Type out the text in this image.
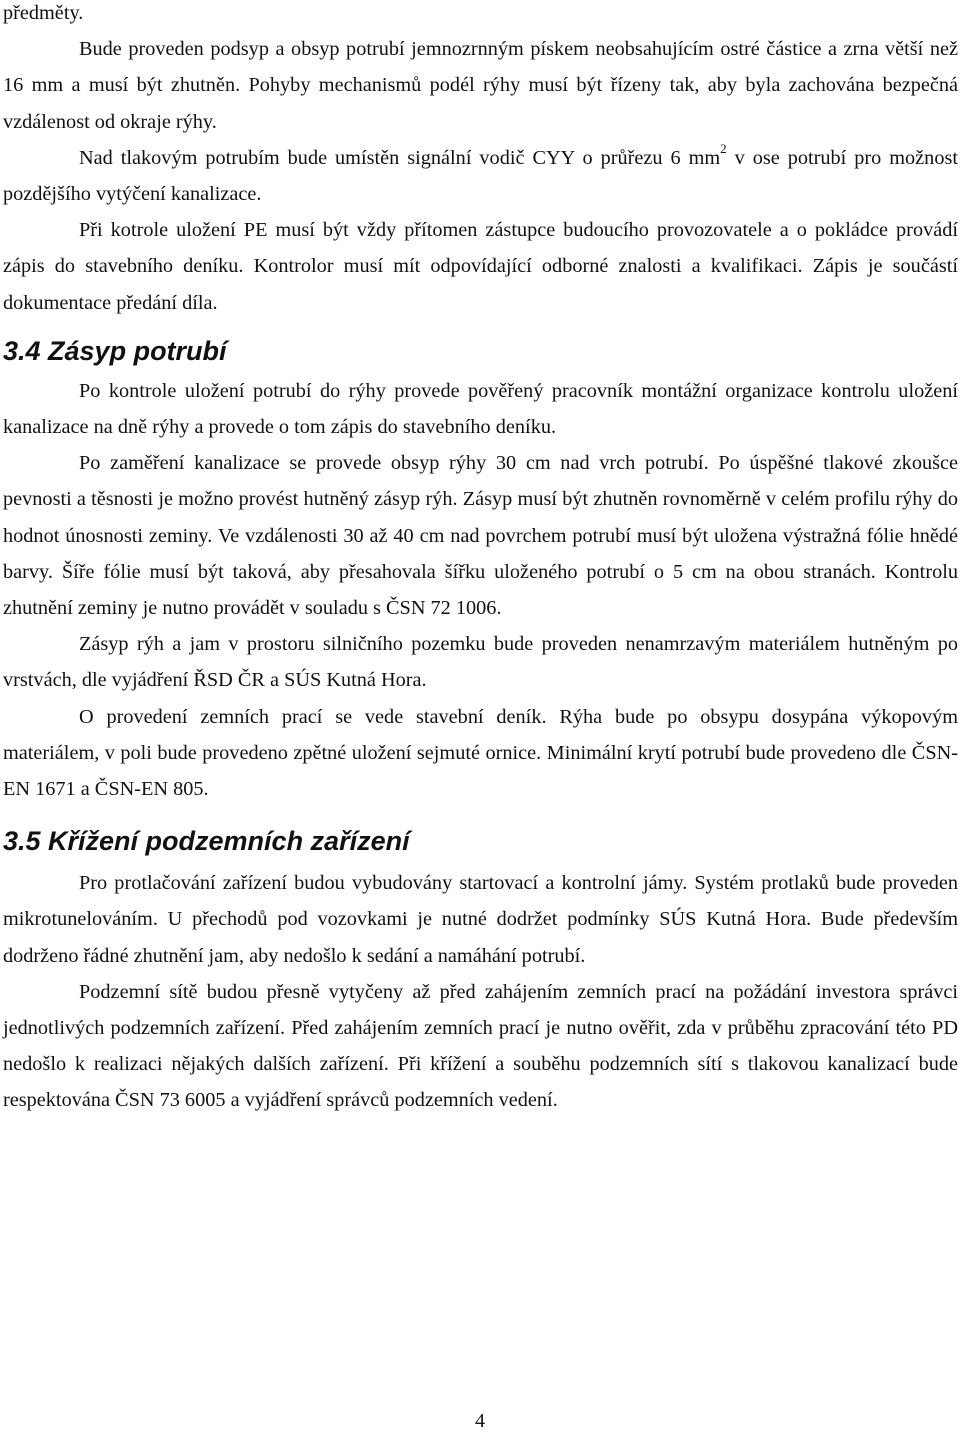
předměty.

Bude proveden podsyp a obsyp potrubí jemnozrnným pískem neobsahujícím ostré částice a zrna větší než 16 mm a musí být zhutněn. Pohyby mechanismů podél rýhy musí být řízeny tak, aby byla zachována bezpečná vzdálenost od okraje rýhy.

Nad tlakovým potrubím bude umístěn signální vodič CYY o průřezu 6 $mm^2$ v ose potrubí pro možnost pozdějšího vytýčení kanalizace.

Při kotrole uložení PE musí být vždy přítomen zástupce budoucího provozovatele a o pokládce provádí zápis do stavebního deníku. Kontrolor musí mít odpovídající odborné znalosti a kvalifikaci. Zápis je součástí dokumentace předání díla.

3.4 Zásyp potrubí

Po kontrole uložení potrubí do rýhy provede pověřený pracovník montážní organizace kontrolu uložení kanalizace na dně rýhy a provede o tom zápis do stavebního deníku.

Po zaměření kanalizace se provede obsyp rýhy 30 cm nad vrch potrubí. Po úspěšné tlakové zkoušce pevnosti a těsnosti je možno provést hutněný zásyp rýh. Zásyp musí být zhutněn rovnoměrně v celém profilu rýhy do hodnot únosnosti zeminy. Ve vzdálenosti 30 až 40 cm nad povrchem potrubí musí být uložena výstražná fólie hnědé barvy. Šíře fólie musí být taková, aby přesahovala šířku uloženého potrubí o 5 cm na obou stranách. Kontrolu zhutnění zeminy je nutno provádět v souladu s ČSN 72 1006.

Zásyp rýh a jam v prostoru silničního pozemku bude proveden nenamrzavým materiálem hutněným po vrstvách, dle vyjádření ŘSD ČR a SÚS Kutná Hora.

O provedení zemních prací se vede stavební deník. Rýha bude po obsypu dosypána výkopovým materiálem, v poli bude provedeno zpětné uložení sejmuté ornice. Minimální krytí potrubí bude provedeno dle ČSN-EN 1671 a ČSN-EN 805.

3.5 Křížení podzemních zařízení

Pro protlačování zařízení budou vybudovány startovací a kontrolní jámy. Systém protlaků bude proveden mikrotunelováním. U přechodů pod vozovkami je nutné dodržet podmínky SÚS Kutná Hora. Bude především dodrženo řádné zhutnění jam, aby nedošlo k sedání a namáhání potrubí.

Podzemní sítě budou přesně vytyčeny až před zahájením zemních prací na požádání investora správci jednotlivých podzemních zařízení. Před zahájením zemních prací je nutno ověřit, zda v průběhu zpracování této PD nedošlo k realizaci nějakých dalších zařízení. Při křížení a souběhu podzemních sítí s tlakovou kanalizací bude respektována ČSN 73 6005 a vyjádření správců podzemních vedení.

4
